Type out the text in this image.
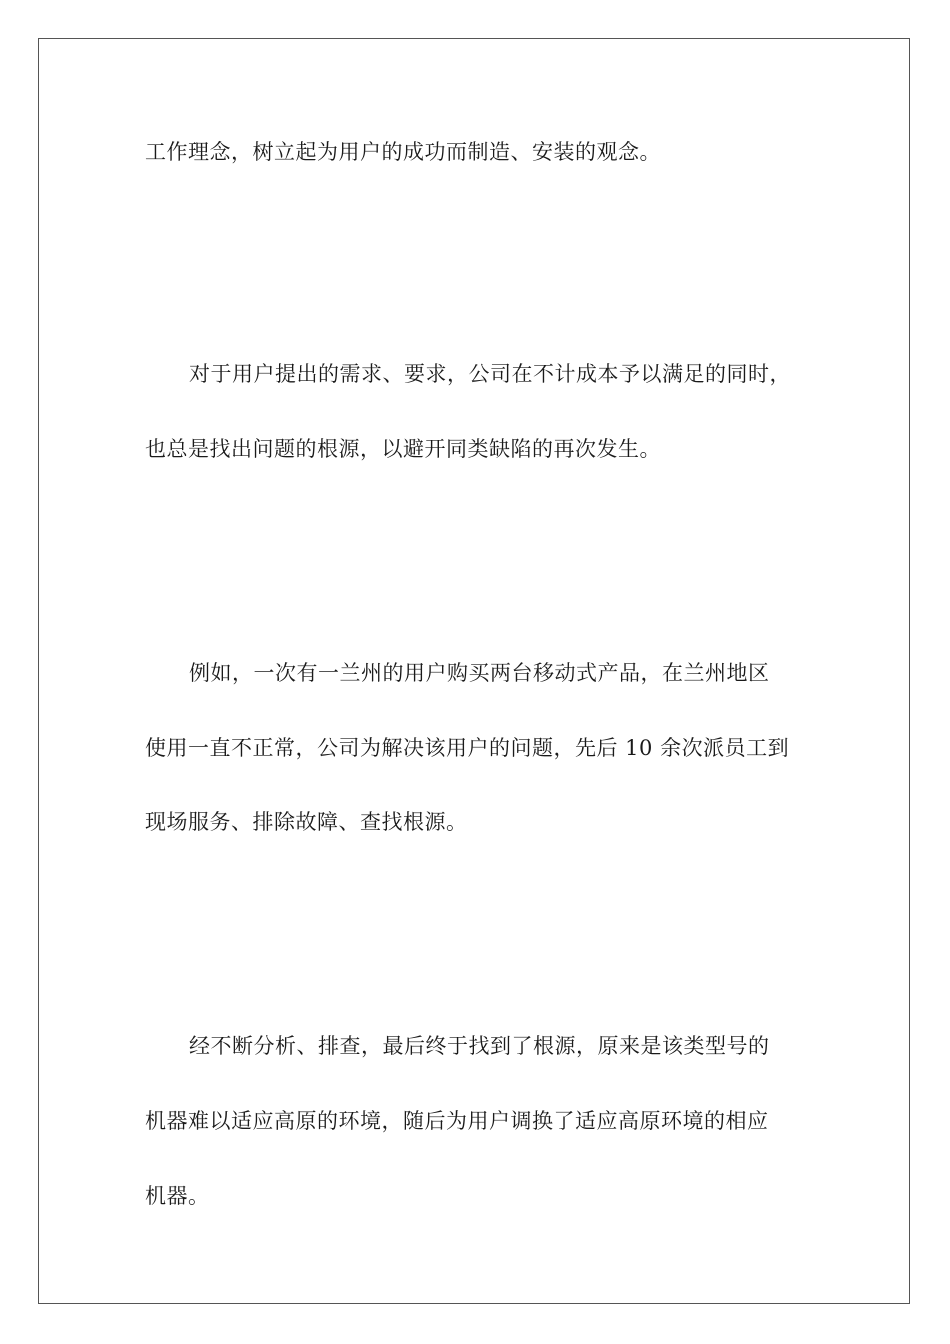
工作理念，树立起为用户的成功而制造、安装的观念。
对于用户提出的需求、要求，公司在不计成本予以满足的同时，
也总是找出问题的根源，以避开同类缺陷的再次发生。
例如，一次有一兰州的用户购买两台移动式产品，在兰州地区
使用一直不正常，公司为解决该用户的问题，先后 10 余次派员工到
现场服务、排除故障、查找根源。
经不断分析、排查，最后终于找到了根源，原来是该类型号的
机器难以适应高原的环境，随后为用户调换了适应高原环境的相应
机器。
